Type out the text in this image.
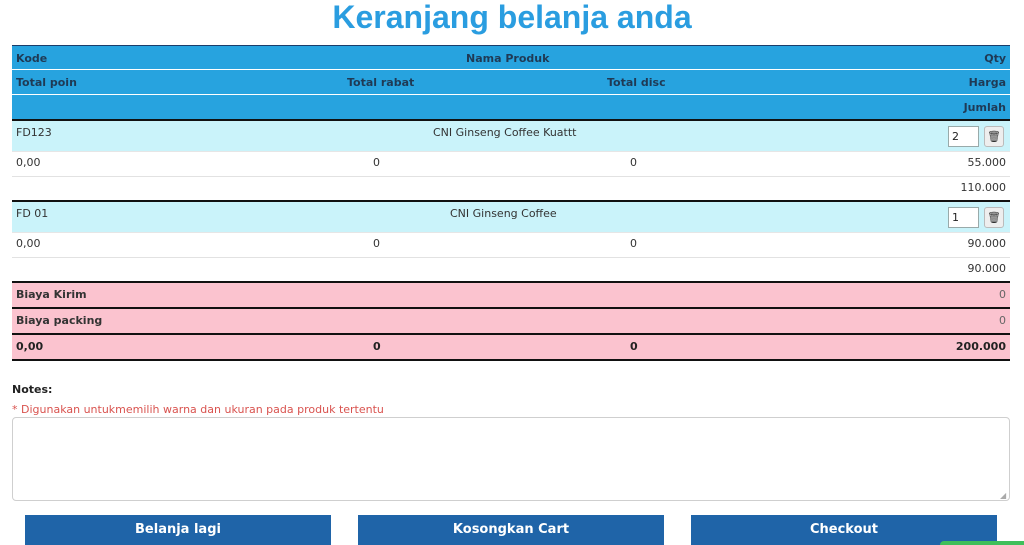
Keranjang belanja anda
Kode	Nama Produk	Qty
Total poin	Total rabat	Total disc	Harga
Jumlah
FD123	CNI Ginseng Coffee Kuattt	2	🗑
0,00	0	0	55.000
110.000
FD 01	CNI Ginseng Coffee	1	🗑
0,00	0	0	90.000
90.000
Biaya Kirim	0
Biaya packing	0
0,00	0	0	200.000
Notes:
* Digunakan untukmemilih warna dan ukuran pada produk tertentu
◢
Belanja lagi	Kosongkan Cart	Checkout
